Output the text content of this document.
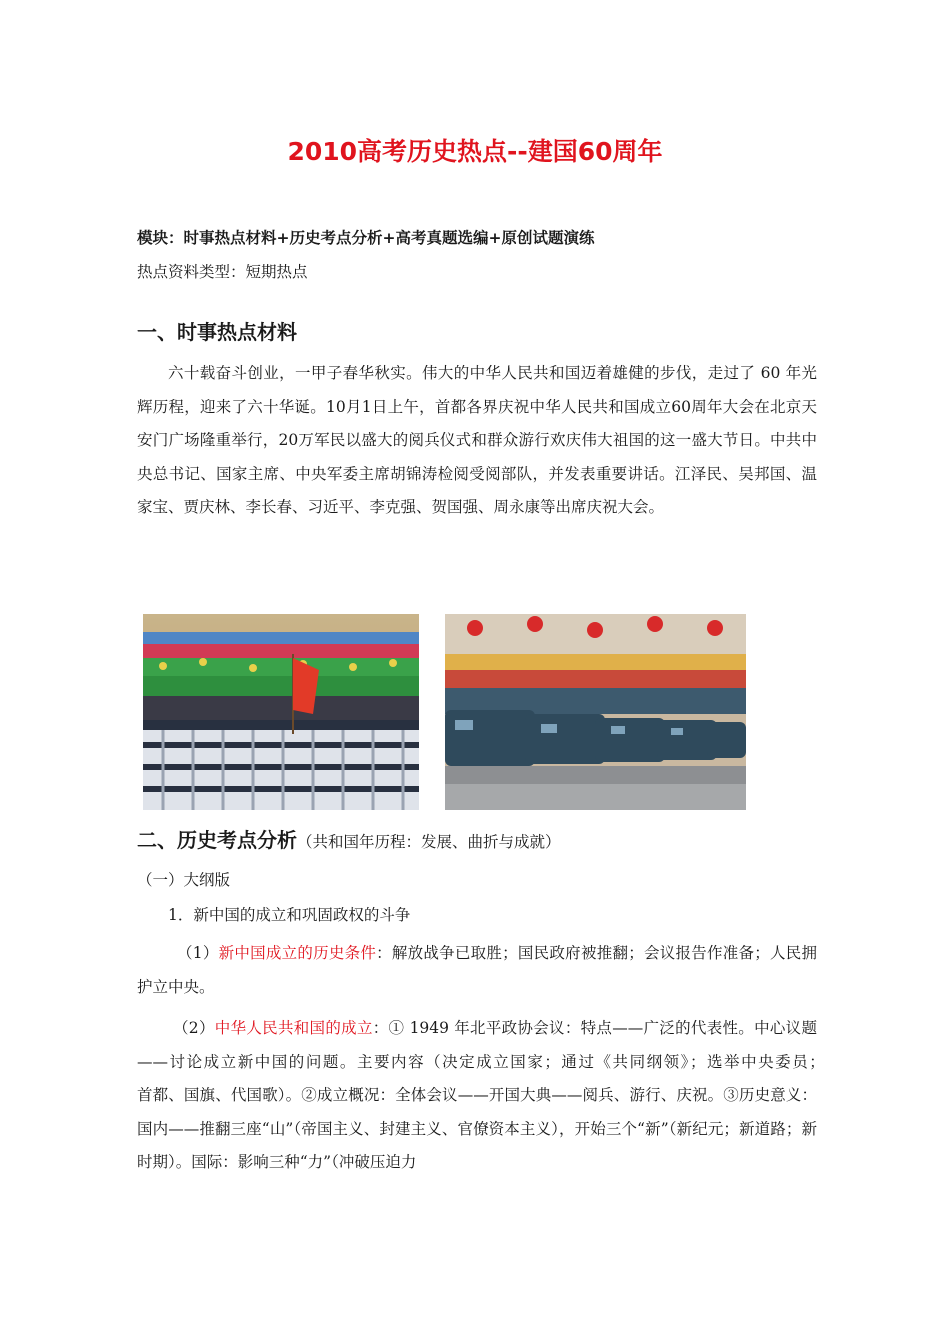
2010高考历史热点--建国60周年

模块：时事热点材料+历史考点分析+高考真题选编+原创试题演练

热点资料类型：短期热点

一、时事热点材料

六十载奋斗创业，一甲子春华秋实。伟大的中华人民共和国迈着雄健的步伐，走过了 60 年光辉历程，迎来了六十华诞。10月1日上午，首都各界庆祝中华人民共和国成立60周年大会在北京天安门广场隆重举行，20万军民以盛大的阅兵仪式和群众游行欢庆伟大祖国的这一盛大节日。中共中央总书记、国家主席、中央军委主席胡锦涛检阅受阅部队，并发表重要讲话。江泽民、吴邦国、温家宝、贾庆林、李长春、习近平、李克强、贺国强、周永康等出席庆祝大会。

二、历史考点分析（共和国年历程：发展、曲折与成就）

（一）大纲版

1．新中国的成立和巩固政权的斗争

（1）新中国成立的历史条件：解放战争已取胜；国民政府被推翻；会议报告作准备；人民拥护立中央。

（2）中华人民共和国的成立：① 1949 年北平政协会议：特点——广泛的代表性。中心议题——讨论成立新中国的问题。主要内容（决定成立国家；通过《共同纲领》；选举中央委员；　　　　　首都、国旗、代国歌）。②成立概况：全体会议——开国大典——阅兵、游行、庆祝。③历史意义：国内——推翻三座“山”（帝国主义、封建主义、官僚资本主义），开始三个“新”（新纪元；新道路；新时期）。国际：影响三种“力”（冲破压迫力
